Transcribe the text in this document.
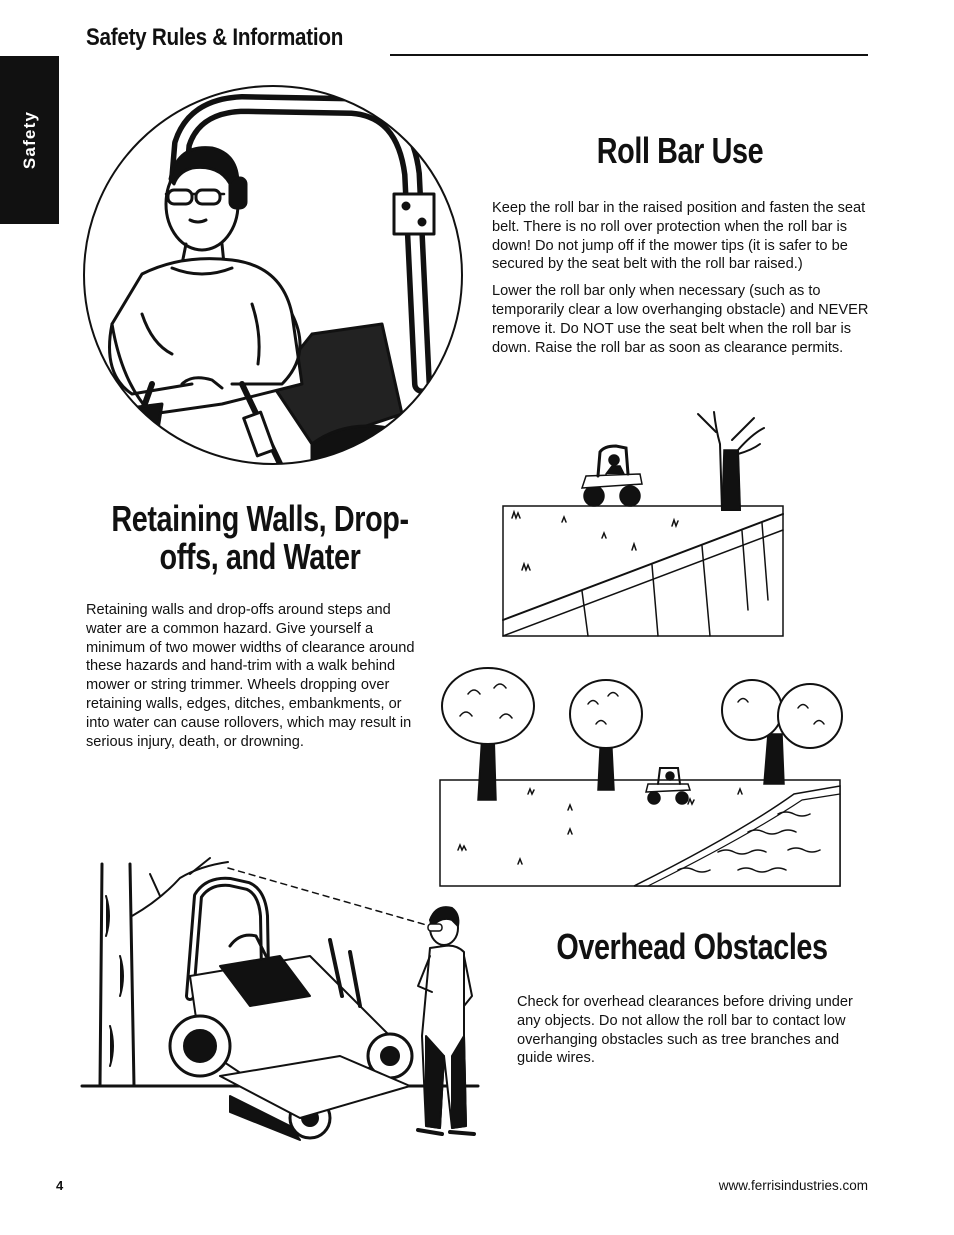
Safety Rules & Information
Safety	Roll Bar Use

Keep the roll bar in the raised position and fasten the seat belt. There is no roll over protection when the roll bar is down! Do not jump off if the mower tips (it is safer to be secured by the seat belt with the roll bar raised.)

Lower the roll bar only when necessary (such as to temporarily clear a low overhanging obstacle) and NEVER remove it. Do NOT use the seat belt when the roll bar is down. Raise the roll bar as soon as clearance permits.

Retaining Walls, Drop-offs, and Water

Retaining walls and drop-offs around steps and water are a common hazard. Give yourself a minimum of two mower widths of clearance around these hazards and hand-trim with a walk behind mower or string trimmer. Wheels dropping over retaining walls, edges, ditches, embankments, or into water can cause rollovers, which may result in serious injury, death, or drowning.

Overhead Obstacles

Check for overhead clearances before driving under any objects. Do not allow the roll bar to contact low overhanging obstacles such as tree branches and guide wires.

4	www.ferrisindustries.com
